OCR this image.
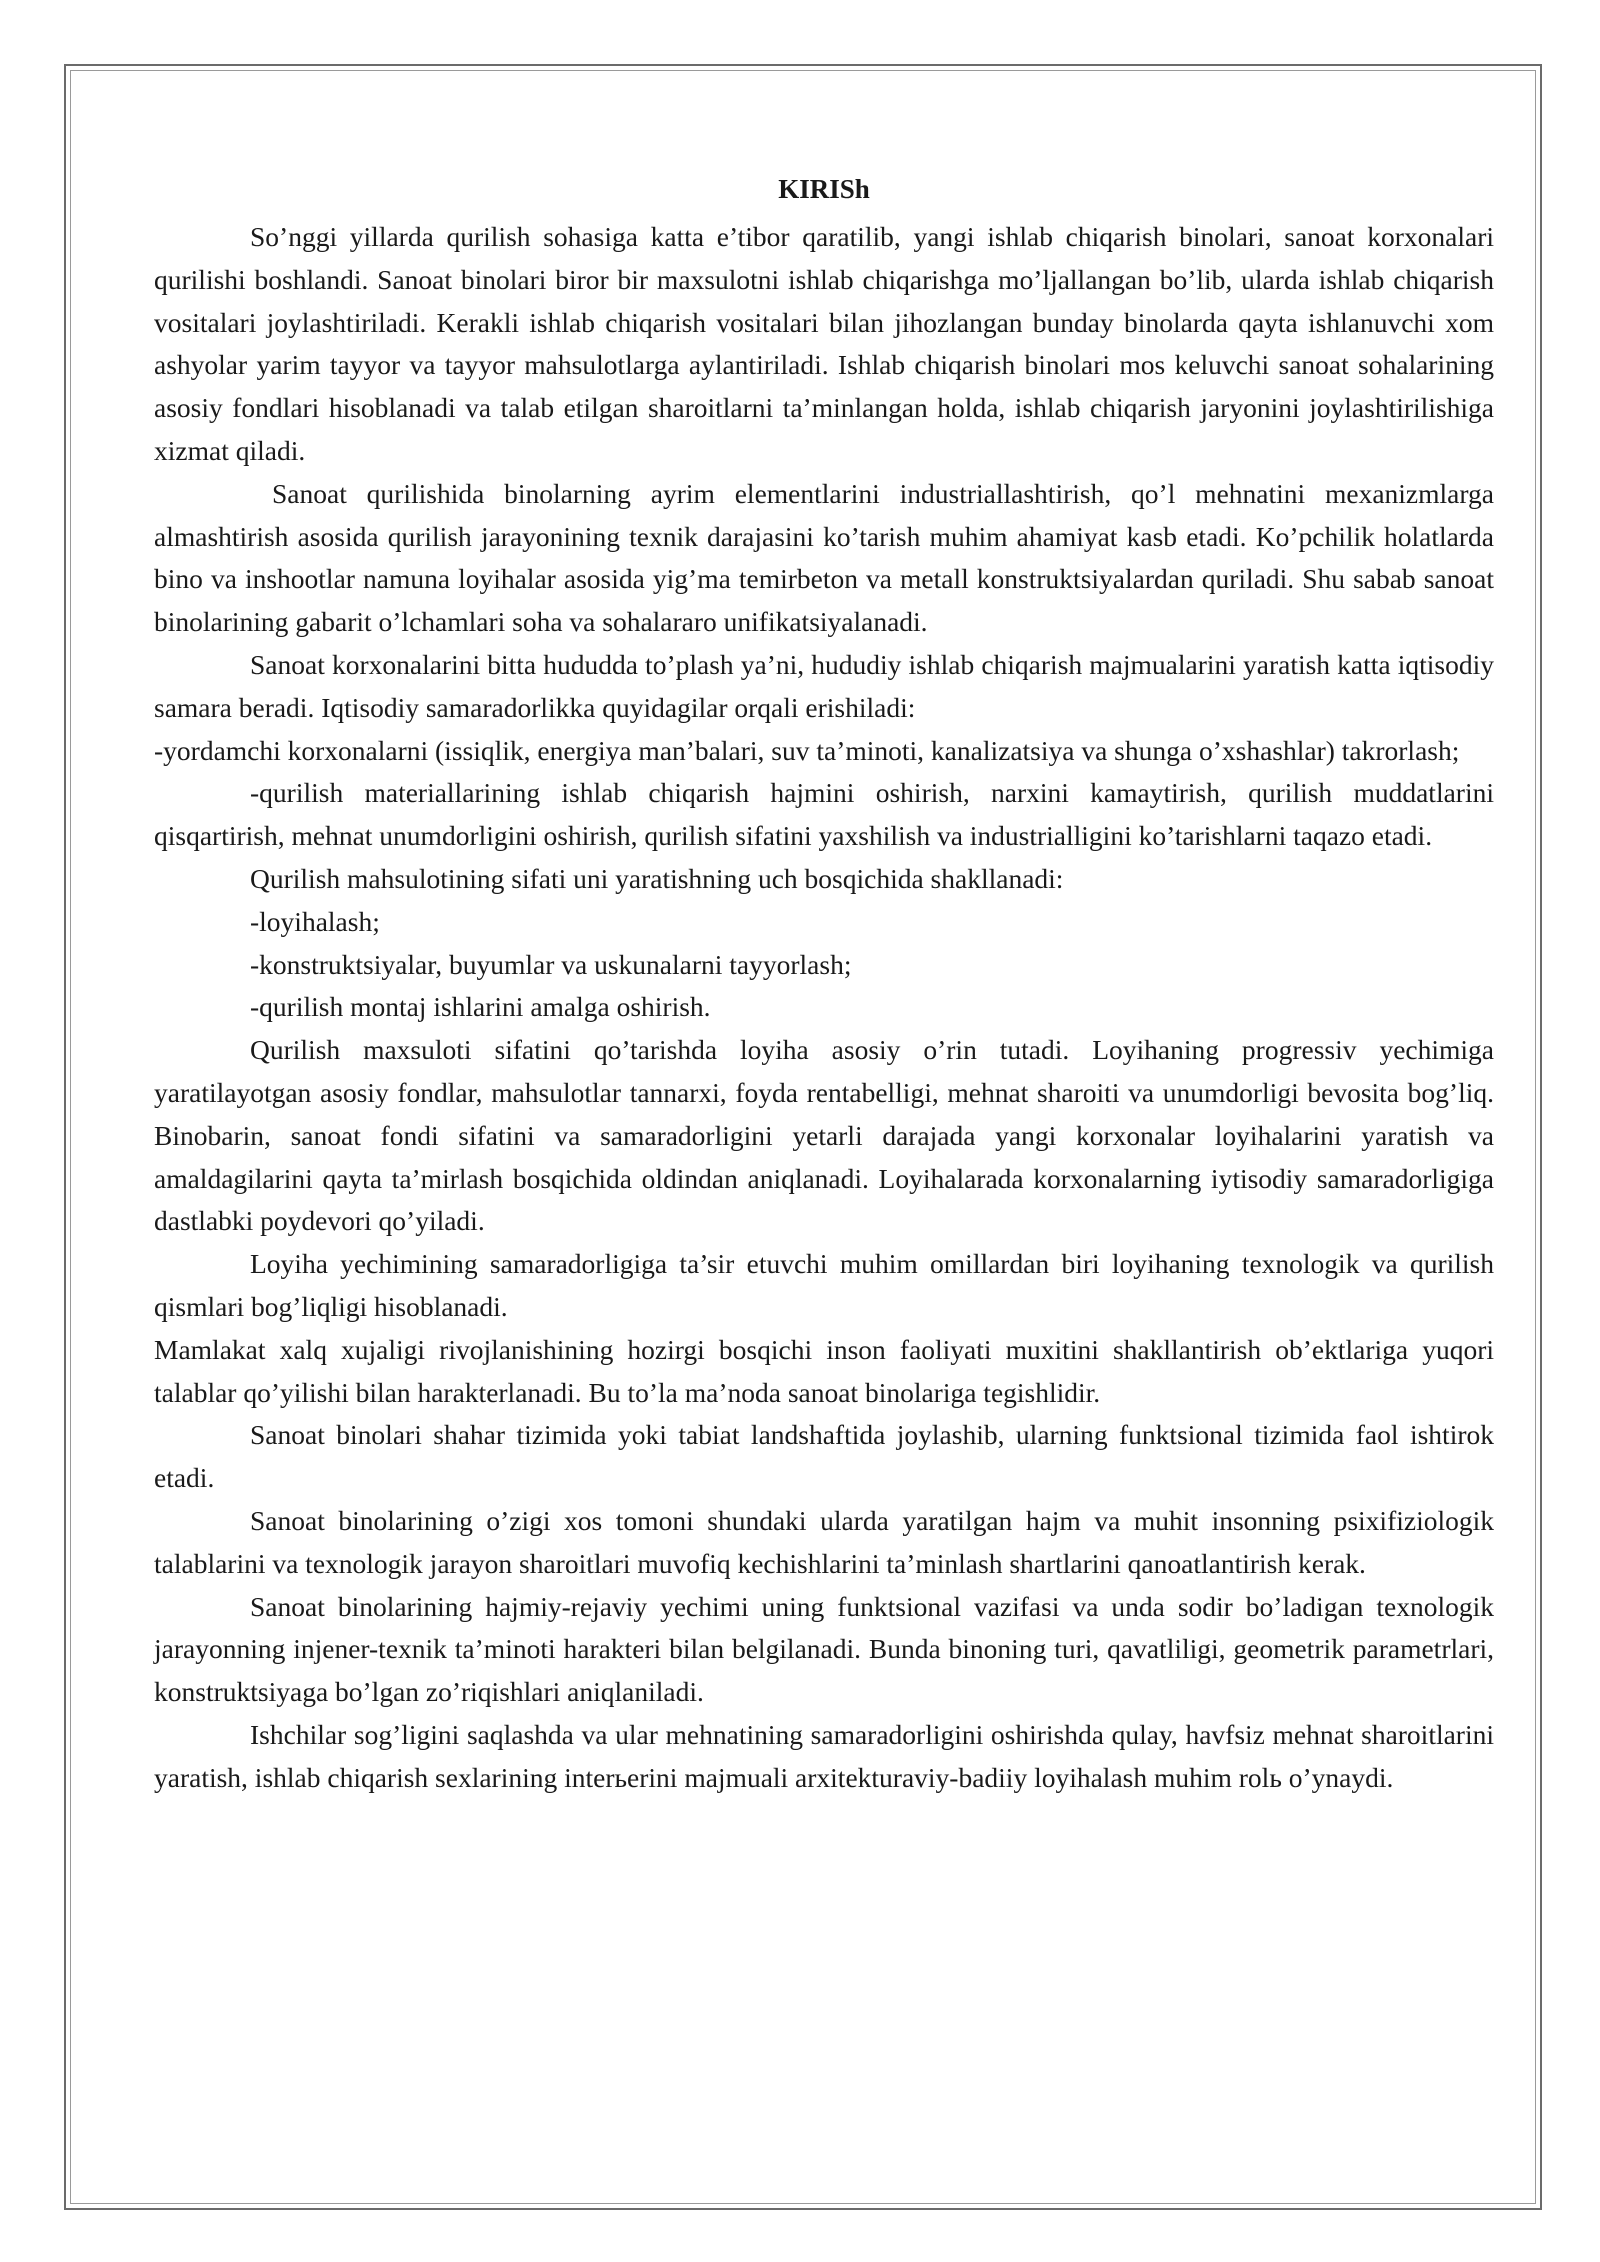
KIRISh

So’nggi yillarda qurilish sohasiga katta e’tibor qaratilib, yangi ishlab chiqarish binolari, sanoat korxonalari qurilishi boshlandi. Sanoat binolari biror bir maxsulotni ishlab chiqarishga mo’ljallangan bo’lib, ularda ishlab chiqarish vositalari joylashtiriladi. Kerakli ishlab chiqarish vositalari bilan jihozlangan bunday binolarda qayta ishlanuvchi xom ashyolar yarim tayyor va tayyor mahsulotlarga aylantiriladi. Ishlab chiqarish binolari mos keluvchi sanoat sohalarining asosiy fondlari hisoblanadi va talab etilgan sharoitlarni ta’minlangan holda, ishlab chiqarish jaryonini joylashtirilishiga xizmat qiladi.

Sanoat qurilishida binolarning ayrim elementlarini industriallashtirish, qo’l mehnatini mexanizmlarga almashtirish asosida qurilish jarayonining texnik darajasini ko’tarish muhim ahamiyat kasb etadi. Ko’pchilik holatlarda bino va inshootlar namuna loyihalar asosida yig’ma temirbeton va metall konstruktsiyalardan quriladi. Shu sabab sanoat binolarining gabarit o’lchamlari soha va sohalararo unifikatsiyalanadi.

Sanoat korxonalarini bitta hududda to’plash ya’ni, hududiy ishlab chiqarish majmualarini yaratish katta iqtisodiy samara beradi. Iqtisodiy samaradorlikka quyidagilar orqali erishiladi:

-yordamchi korxonalarni (issiqlik, energiya man’balari, suv ta’minoti, kanalizatsiya va shunga o’xshashlar) takrorlash;

-qurilish materiallarining ishlab chiqarish hajmini oshirish, narxini kamaytirish, qurilish muddatlarini qisqartirish, mehnat unumdorligini oshirish, qurilish sifatini yaxshilish va industrialligini ko’tarishlarni taqazo etadi.

Qurilish mahsulotining sifati uni yaratishning uch bosqichida shakllanadi:

-loyihalash;

-konstruktsiyalar, buyumlar va uskunalarni tayyorlash;

-qurilish montaj ishlarini amalga oshirish.

Qurilish maxsuloti sifatini qo’tarishda loyiha asosiy o’rin tutadi. Loyihaning progressiv yechimiga yaratilayotgan asosiy fondlar, mahsulotlar tannarxi, foyda rentabelligi, mehnat sharoiti va unumdorligi bevosita bog’liq. Binobarin, sanoat fondi sifatini va samaradorligini yetarli darajada yangi korxonalar loyihalarini yaratish va amaldagilarini qayta ta’mirlash bosqichida oldindan aniqlanadi. Loyihalarada korxonalarning iytisodiy samaradorligiga dastlabki poydevori qo’yiladi.

Loyiha yechimining samaradorligiga ta’sir etuvchi muhim omillardan biri loyihaning texnologik va qurilish qismlari bog’liqligi hisoblanadi.

Mamlakat xalq xujaligi rivojlanishining hozirgi bosqichi inson faoliyati muxitini shakllantirish ob’ektlariga yuqori talablar qo’yilishi bilan harakterlanadi. Bu to’la ma’noda sanoat binolariga tegishlidir.

Sanoat binolari shahar tizimida yoki tabiat landshaftida joylashib, ularning funktsional tizimida faol ishtirok etadi.

Sanoat binolarining o’zigi xos tomoni shundaki ularda yaratilgan hajm va muhit insonning psixifiziologik talablarini va texnologik jarayon sharoitlari muvofiq kechishlarini ta’minlash shartlarini qanoatlantirish kerak.

Sanoat binolarining hajmiy-rejaviy yechimi uning funktsional vazifasi va unda sodir bo’ladigan texnologik jarayonning injener-texnik ta’minoti harakteri bilan belgilanadi. Bunda binoning turi, qavatliligi, geometrik parametrlari, konstruktsiyaga bo’lgan zo’riqishlari aniqlaniladi.

Ishchilar sog’ligini saqlashda va ular mehnatining samaradorligini oshirishda qulay, havfsiz mehnat sharoitlarini yaratish, ishlab chiqarish sexlarining intеrьеrini majmuali arxitekturaviy-badiiy loyihalash muhim rolь o’ynaydi.
